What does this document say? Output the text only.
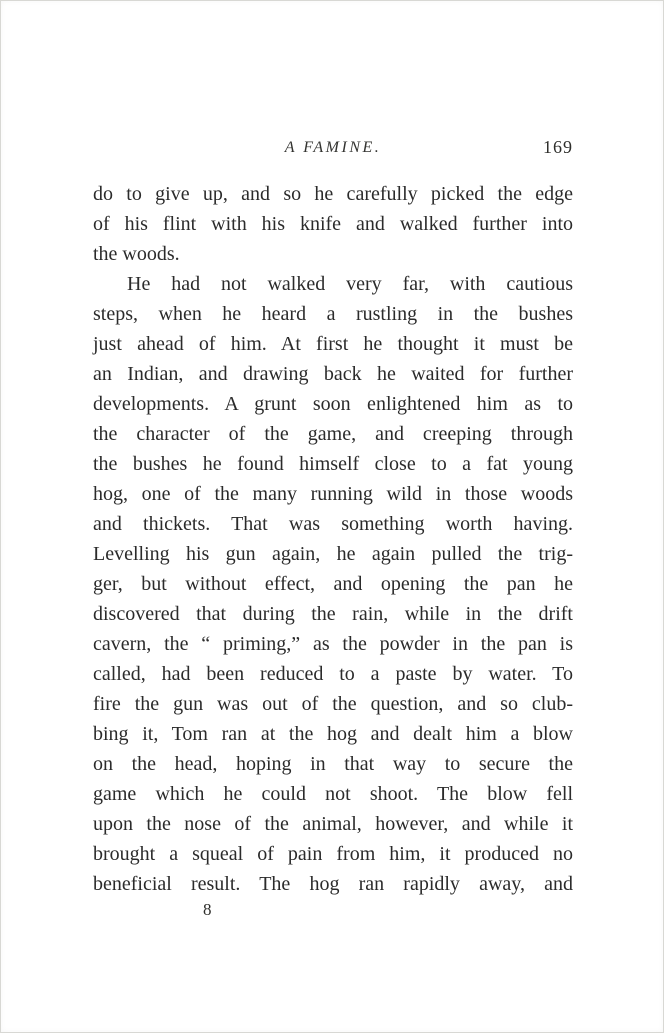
A FAMINE.	169
do to give up, and so he carefully picked the edge
of his flint with his knife and walked further into
the woods.
He had not walked very far, with cautious
steps, when he heard a rustling in the bushes
just ahead of him. At first he thought it must be
an Indian, and drawing back he waited for further
developments. A grunt soon enlightened him as to
the character of the game, and creeping through
the bushes he found himself close to a fat young
hog, one of the many running wild in those woods
and thickets. That was something worth having.
Levelling his gun again, he again pulled the trig-
ger, but without effect, and opening the pan he
discovered that during the rain, while in the drift
cavern, the “ priming,” as the powder in the pan is
called, had been reduced to a paste by water. To
fire the gun was out of the question, and so club-
bing it, Tom ran at the hog and dealt him a blow
on the head, hoping in that way to secure the
game which he could not shoot. The blow fell
upon the nose of the animal, however, and while it
brought a squeal of pain from him, it produced no
beneficial result. The hog ran rapidly away, and
8
